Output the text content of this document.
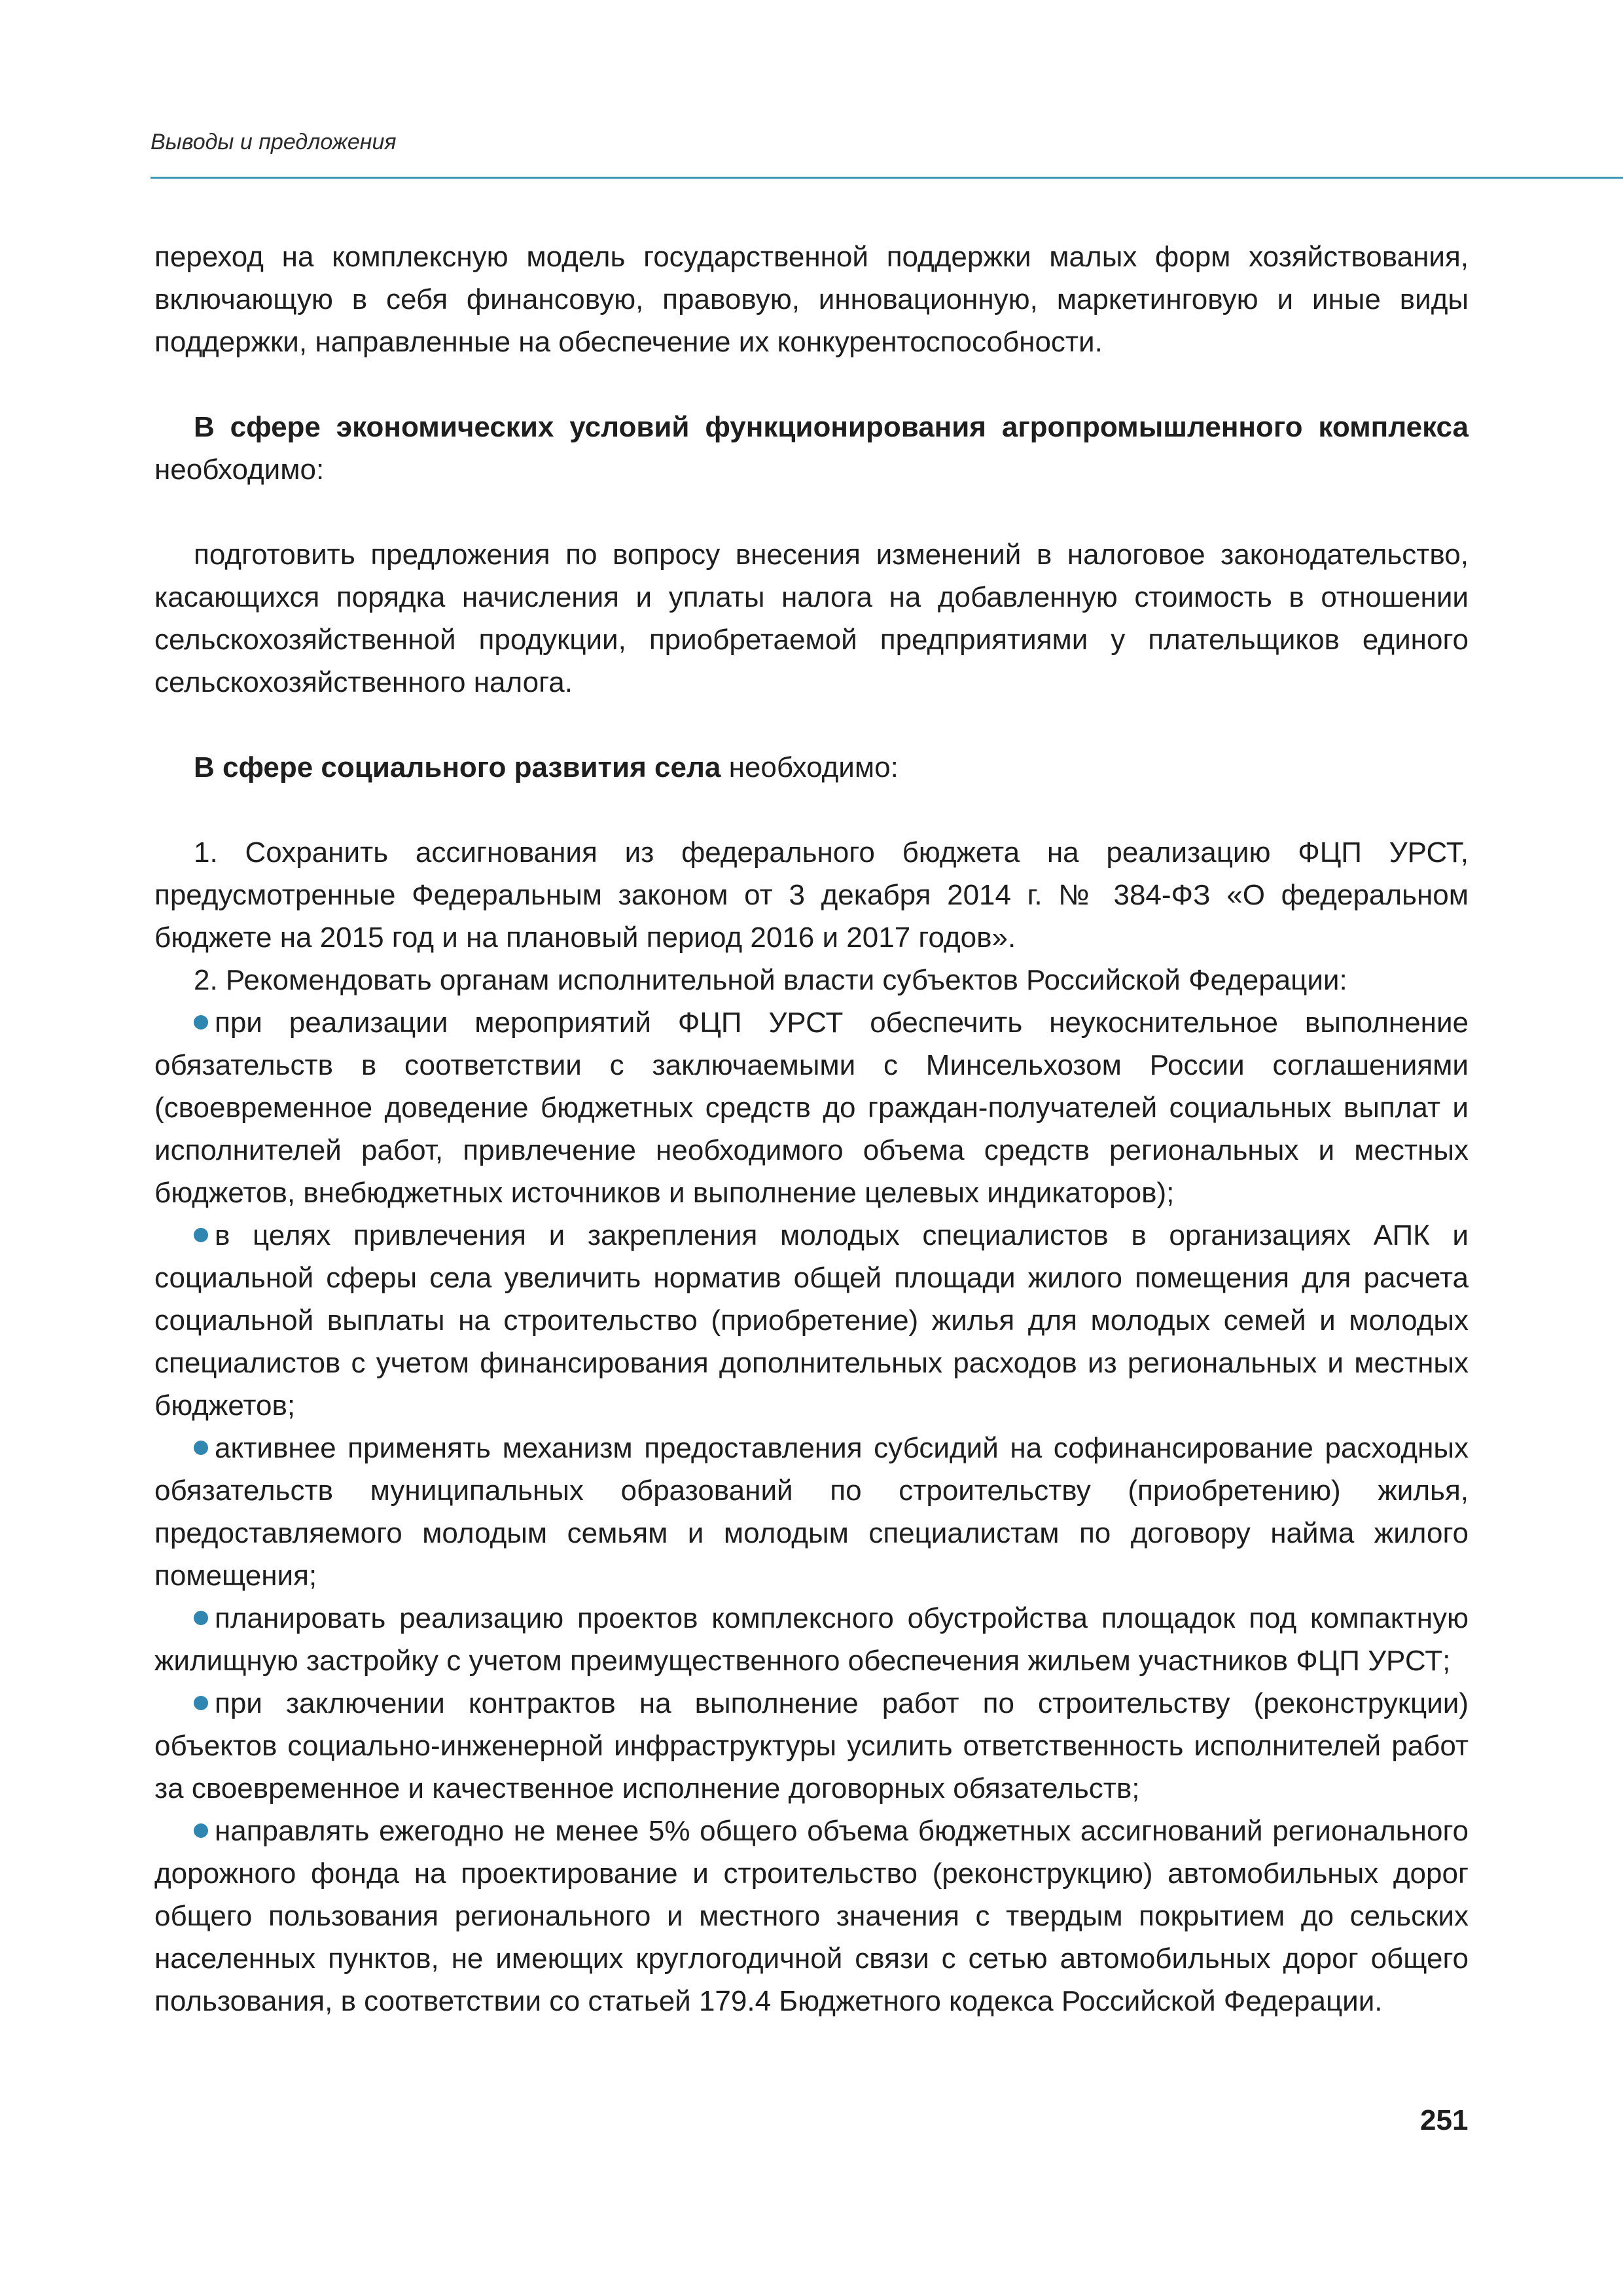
Выводы и предложения

переход на комплексную модель государственной поддержки малых форм хозяйствования, включающую в себя финансовую, правовую, инновационную, маркетинговую и иные виды поддержки, направленные на обеспечение их конкурентоспособности.

В сфере экономических условий функционирования агропромышленного комплекса необходимо:

подготовить предложения по вопросу внесения изменений в налоговое законодательство, касающихся порядка начисления и уплаты налога на добавленную стоимость в отношении сельскохозяйственной продукции, приобретаемой предприятиями у плательщиков единого сельскохозяйственного налога.

В сфере социального развития села необходимо:

1. Сохранить ассигнования из федерального бюджета на реализацию ФЦП УРСТ, предусмотренные Федеральным законом от 3 декабря 2014 г. № 384-ФЗ «О федеральном бюджете на 2015 год и на плановый период 2016 и 2017 годов».

2. Рекомендовать органам исполнительной власти субъектов Российской Федерации:

при реализации мероприятий ФЦП УРСТ обеспечить неукоснительное выполнение обязательств в соответствии с заключаемыми с Минсельхозом России соглашениями (своевременное доведение бюджетных средств до граждан-получателей социальных выплат и исполнителей работ, привлечение необходимого объема средств региональных и местных бюджетов, внебюджетных источников и выполнение целевых индикаторов);

в целях привлечения и закрепления молодых специалистов в организациях АПК и социальной сферы села увеличить норматив общей площади жилого помещения для расчета социальной выплаты на строительство (приобретение) жилья для молодых семей и молодых специалистов с учетом финансирования дополнительных расходов из региональных и местных бюджетов;

активнее применять механизм предоставления субсидий на софинансирование расходных обязательств муниципальных образований по строительству (приобретению) жилья, предоставляемого молодым семьям и молодым специалистам по договору найма жилого помещения;

планировать реализацию проектов комплексного обустройства площадок под компактную жилищную застройку с учетом преимущественного обеспечения жильем участников ФЦП УРСТ;

при заключении контрактов на выполнение работ по строительству (реконструкции) объектов социально-инженерной инфраструктуры усилить ответственность исполнителей работ за своевременное и качественное исполнение договорных обязательств;

направлять ежегодно не менее 5% общего объема бюджетных ассигнований регионального дорожного фонда на проектирование и строительство (реконструкцию) автомобильных дорог общего пользования регионального и местного значения с твердым покрытием до сельских населенных пунктов, не имеющих круглогодичной связи с сетью автомобильных дорог общего пользования, в соответствии со статьей 179.4 Бюджетного кодекса Российской Федерации.

251
